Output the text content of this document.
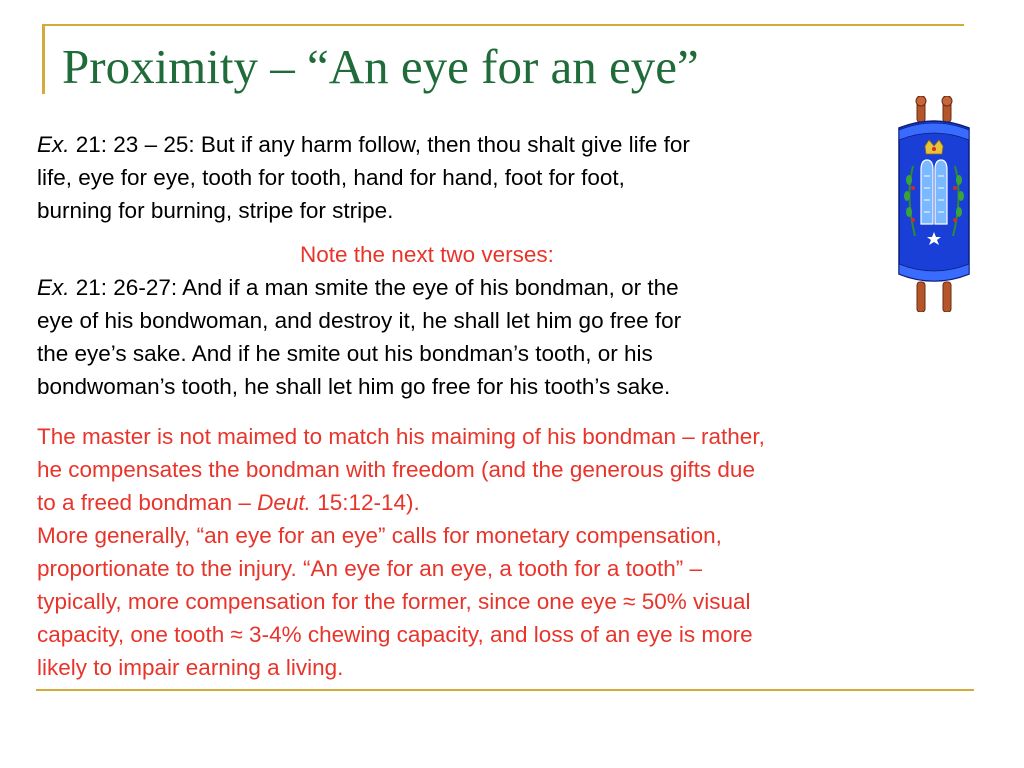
Proximity – “An eye for an eye”
Ex. 21: 23 – 25: But if any harm follow, then thou shalt give life for
life, eye for eye, tooth for tooth, hand for hand, foot for foot,
burning for burning, stripe for stripe.
Note the next two verses:
Ex. 21: 26-27: And if a man smite the eye of his bondman, or the
eye of his bondwoman, and destroy it, he shall let him go free for
the eye’s sake. And if he smite out his bondman’s tooth, or his
bondwoman’s tooth, he shall let him go free for his tooth’s sake.
The master is not maimed to match his maiming of his bondman – rather,
he compensates the bondman with freedom (and the generous gifts due
to a freed bondman – Deut. 15:12-14).
More generally, “an eye for an eye” calls for monetary compensation,
proportionate to the injury. “An eye for an eye, a tooth for a tooth” –
typically, more compensation for the former, since one eye ≈ 50% visual
capacity, one tooth ≈ 3-4% chewing capacity, and loss of an eye is more
likely to impair earning a living.
